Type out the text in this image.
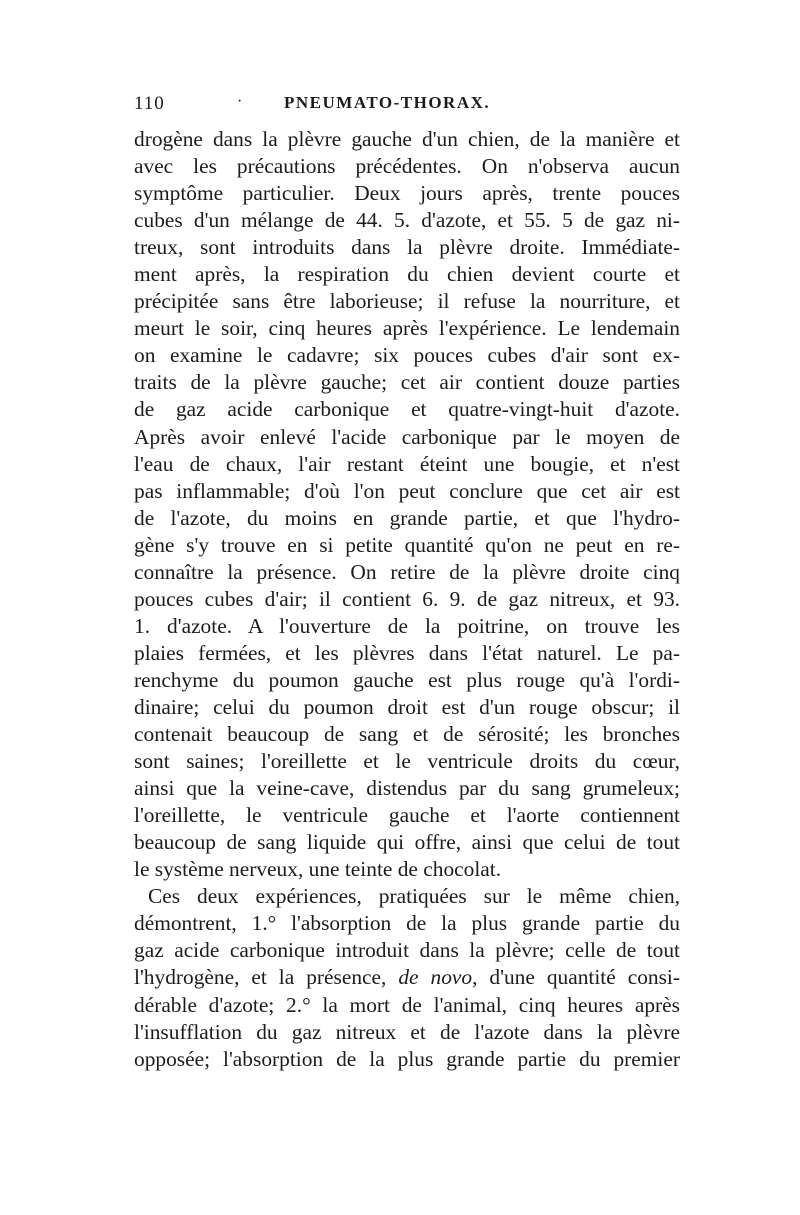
110	· PNEUMATO-THORAX.
drogène dans la plèvre gauche d'un chien, de la manière et
avec les précautions précédentes. On n'observa aucun
symptôme particulier. Deux jours après, trente pouces
cubes d'un mélange de 44. 5. d'azote, et 55. 5 de gaz ni-
treux, sont introduits dans la plèvre droite. Immédiate-
ment après, la respiration du chien devient courte et
précipitée sans être laborieuse; il refuse la nourriture, et
meurt le soir, cinq heures après l'expérience. Le lendemain
on examine le cadavre; six pouces cubes d'air sont ex-
traits de la plèvre gauche; cet air contient douze parties
de gaz acide carbonique et quatre-vingt-huit d'azote.
Après avoir enlevé l'acide carbonique par le moyen de
l'eau de chaux, l'air restant éteint une bougie, et n'est
pas inflammable; d'où l'on peut conclure que cet air est
de l'azote, du moins en grande partie, et que l'hydro-
gène s'y trouve en si petite quantité qu'on ne peut en re-
connaître la présence. On retire de la plèvre droite cinq
pouces cubes d'air; il contient 6. 9. de gaz nitreux, et 93.
1. d'azote. A l'ouverture de la poitrine, on trouve les
plaies fermées, et les plèvres dans l'état naturel. Le pa-
renchyme du poumon gauche est plus rouge qu'à l'ordi-
dinaire; celui du poumon droit est d'un rouge obscur; il
contenait beaucoup de sang et de sérosité; les bronches
sont saines; l'oreillette et le ventricule droits du cœur,
ainsi que la veine-cave, distendus par du sang grumeleux;
l'oreillette, le ventricule gauche et l'aorte contiennent
beaucoup de sang liquide qui offre, ainsi que celui de tout
le système nerveux, une teinte de chocolat.
Ces deux expériences, pratiquées sur le même chien,
démontrent, 1.° l'absorption de la plus grande partie du
gaz acide carbonique introduit dans la plèvre; celle de tout
l'hydrogène, et la présence, de novo, d'une quantité consi-
dérable d'azote; 2.° la mort de l'animal, cinq heures après
l'insufflation du gaz nitreux et de l'azote dans la plèvre
opposée; l'absorption de la plus grande partie du premier
